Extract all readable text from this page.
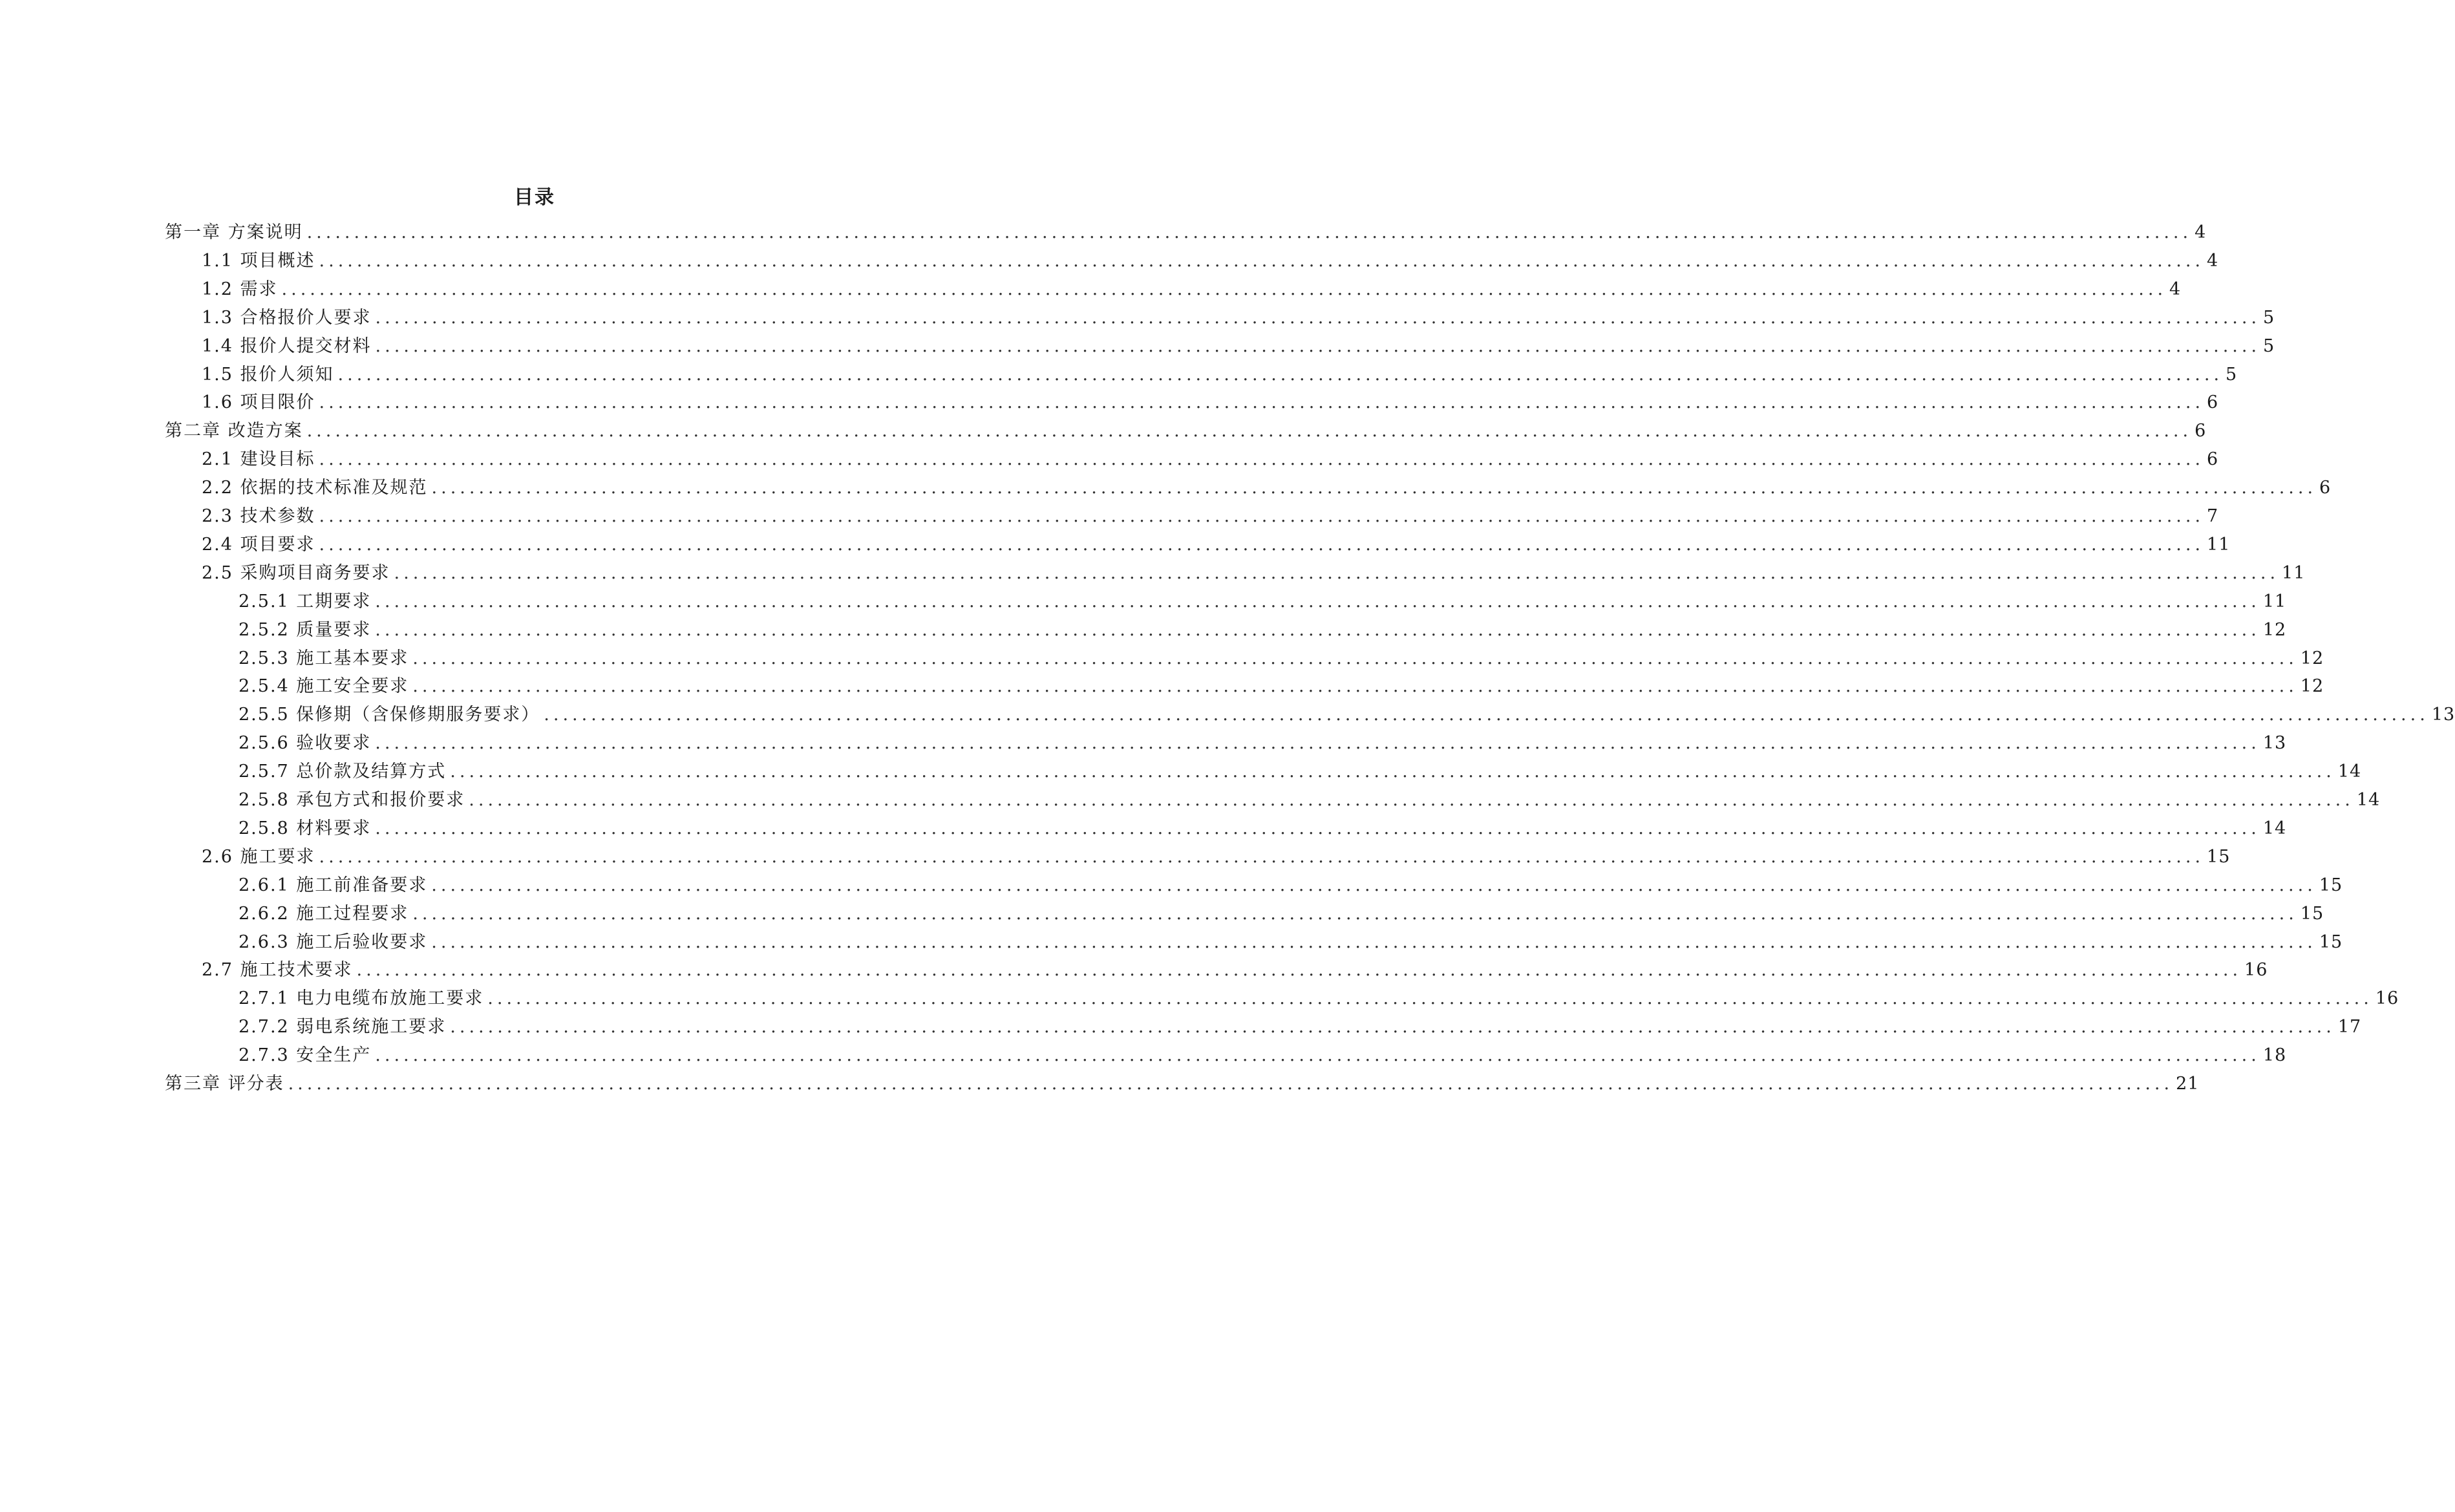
目录
第一章 方案说明 ........................................................................................................................................................................................................ 4
1.1 项目概述 ........................................................................................................................................................................................................ 4
1.2 需求 ........................................................................................................................................................................................................ 4
1.3 合格报价人要求 ........................................................................................................................................................................................................ 5
1.4 报价人提交材料 ........................................................................................................................................................................................................ 5
1.5 报价人须知 ........................................................................................................................................................................................................ 5
1.6 项目限价 ........................................................................................................................................................................................................ 6
第二章 改造方案 ........................................................................................................................................................................................................ 6
2.1 建设目标 ........................................................................................................................................................................................................ 6
2.2 依据的技术标准及规范 ........................................................................................................................................................................................................ 6
2.3 技术参数 ........................................................................................................................................................................................................ 7
2.4 项目要求 ........................................................................................................................................................................................................ 11
2.5 采购项目商务要求 ........................................................................................................................................................................................................ 11
2.5.1 工期要求 ........................................................................................................................................................................................................ 11
2.5.2 质量要求 ........................................................................................................................................................................................................ 12
2.5.3 施工基本要求 ........................................................................................................................................................................................................ 12
2.5.4 施工安全要求 ........................................................................................................................................................................................................ 12
2.5.5 保修期（含保修期服务要求） ........................................................................................................................................................................................................ 13
2.5.6 验收要求 ........................................................................................................................................................................................................ 13
2.5.7 总价款及结算方式 ........................................................................................................................................................................................................ 14
2.5.8 承包方式和报价要求 ........................................................................................................................................................................................................ 14
2.5.8 材料要求 ........................................................................................................................................................................................................ 14
2.6 施工要求 ........................................................................................................................................................................................................ 15
2.6.1 施工前准备要求 ........................................................................................................................................................................................................ 15
2.6.2 施工过程要求 ........................................................................................................................................................................................................ 15
2.6.3 施工后验收要求 ........................................................................................................................................................................................................ 15
2.7 施工技术要求 ........................................................................................................................................................................................................ 16
2.7.1 电力电缆布放施工要求 ........................................................................................................................................................................................................ 16
2.7.2 弱电系统施工要求 ........................................................................................................................................................................................................ 17
2.7.3 安全生产 ........................................................................................................................................................................................................ 18
第三章 评分表 ........................................................................................................................................................................................................ 21
